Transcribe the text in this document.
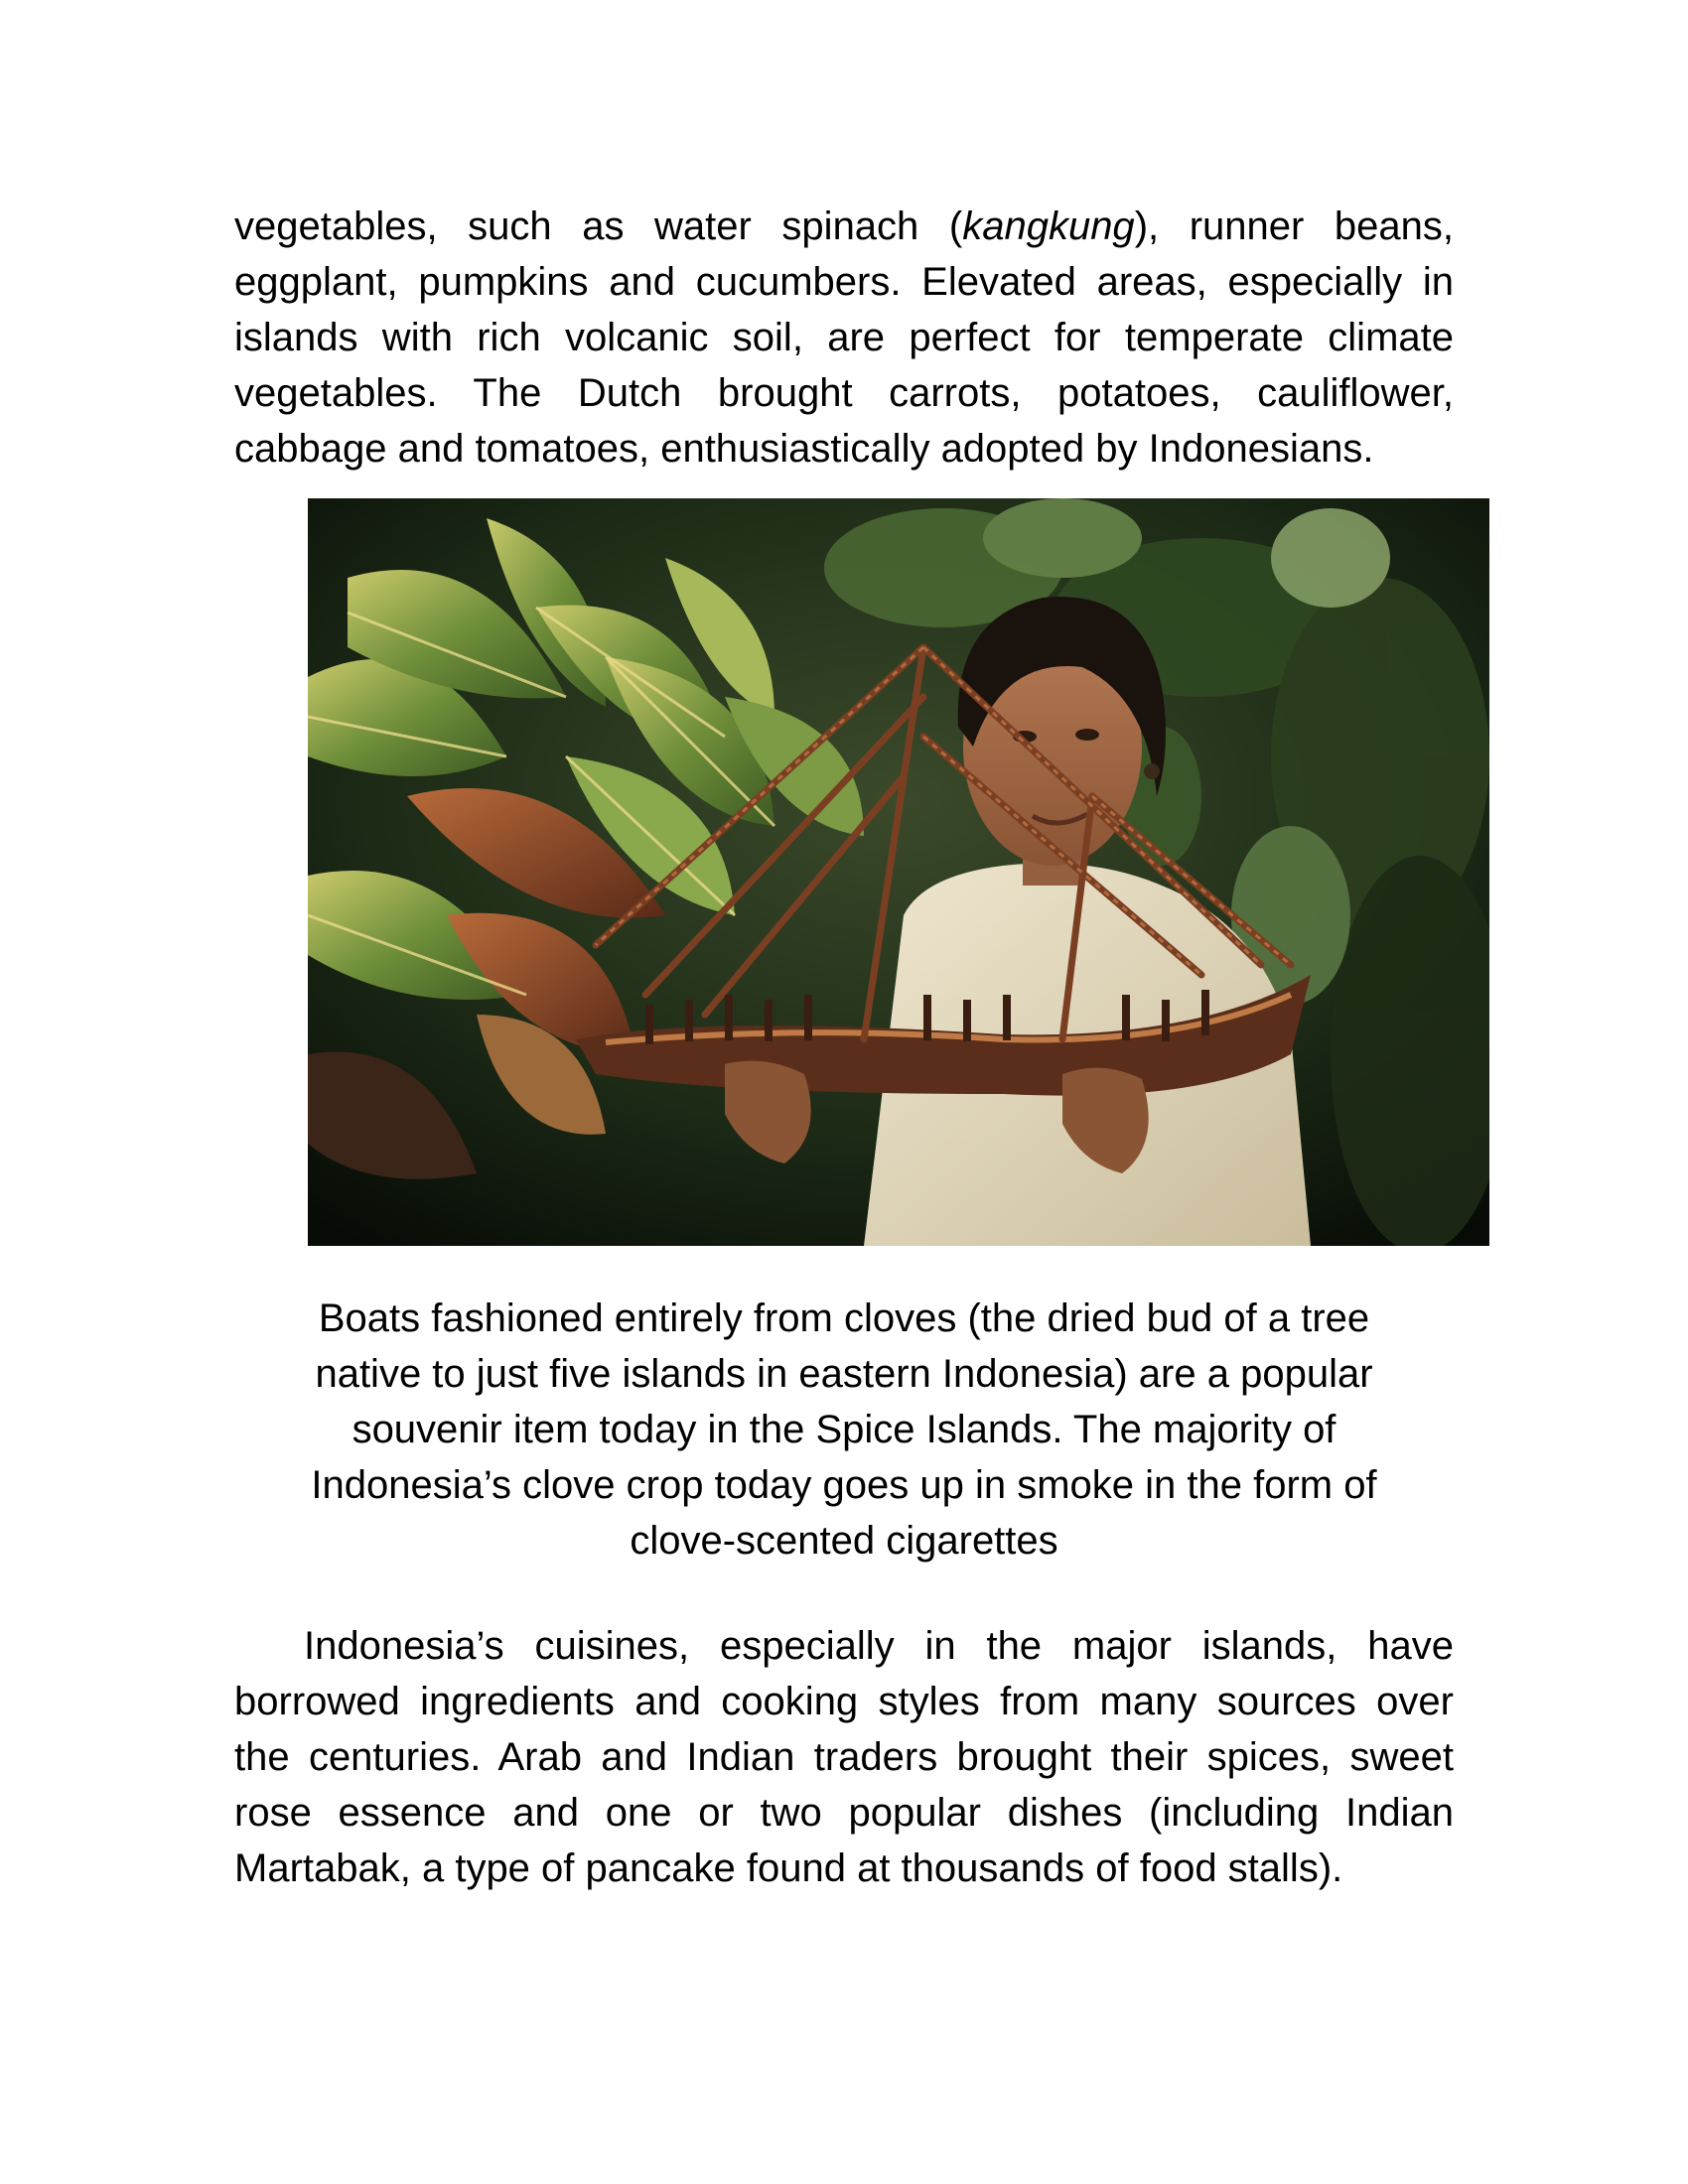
vegetables, such as water spinach (kangkung), runner beans,
eggplant, pumpkins and cucumbers. Elevated areas, especially in
islands with rich volcanic soil, are perfect for temperate climate
vegetables. The Dutch brought carrots, potatoes, cauliflower,
cabbage and tomatoes, enthusiastically adopted by Indonesians.
Boats fashioned entirely from cloves (the dried bud of a tree
native to just five islands in eastern Indonesia) are a popular
souvenir item today in the Spice Islands. The majority of
Indonesia’s clove crop today goes up in smoke in the form of
clove-scented cigarettes
Indonesia’s cuisines, especially in the major islands, have
borrowed ingredients and cooking styles from many sources over
the centuries. Arab and Indian traders brought their spices, sweet
rose essence and one or two popular dishes (including Indian
Martabak, a type of pancake found at thousands of food stalls).
